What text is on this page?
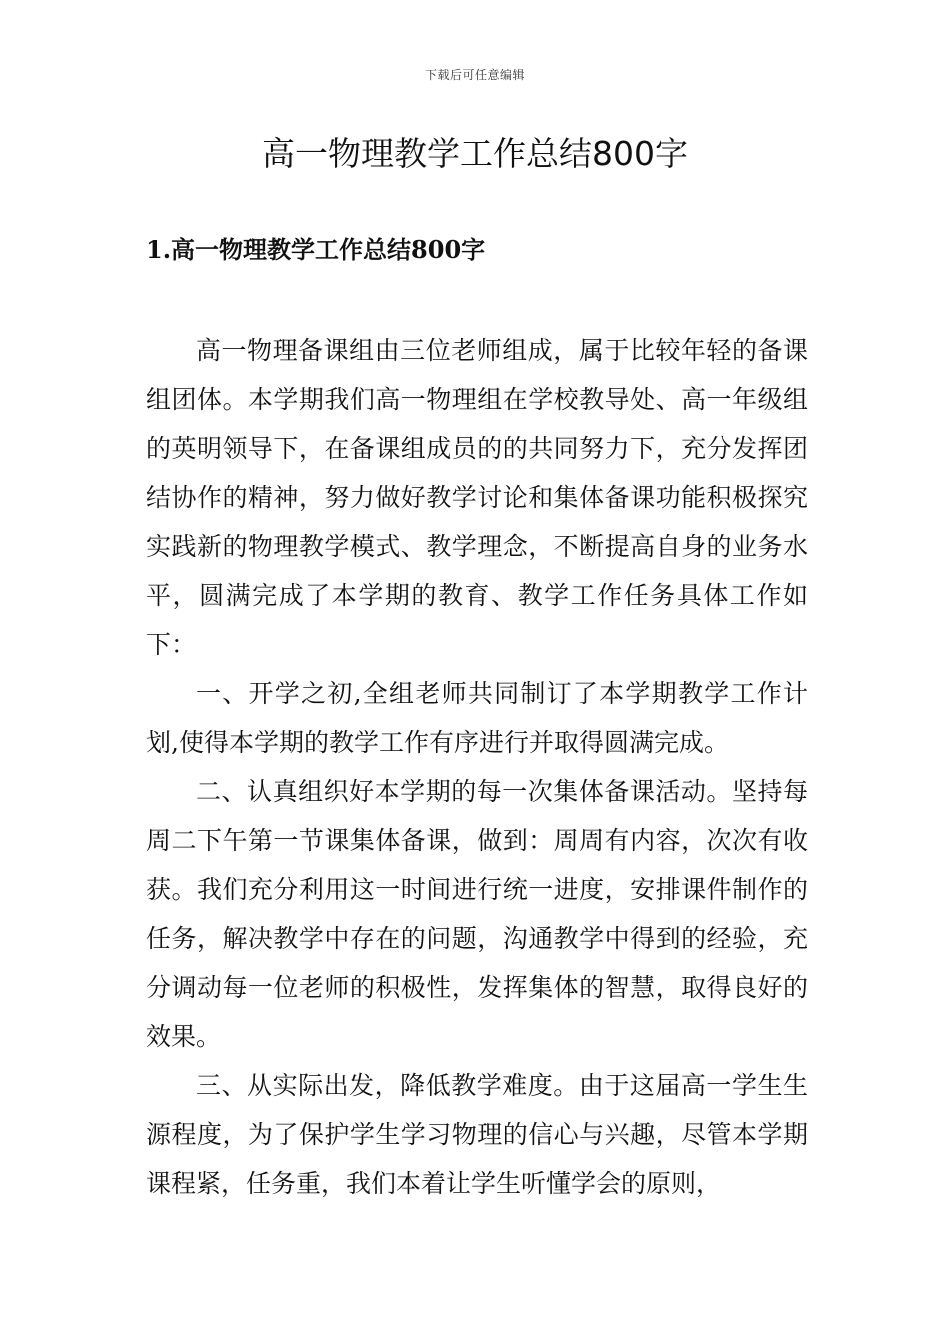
下载后可任意编辑
高一物理教学工作总结800字
1.高一物理教学工作总结800字

高一物理备课组由三位老师组成，属于比较年轻的备课组团体。本学期我们高一物理组在学校教导处、高一年级组的英明领导下，在备课组成员的的共同努力下，充分发挥团结协作的精神，努力做好教学讨论和集体备课功能积极探究实践新的物理教学模式、教学理念，不断提高自身的业务水平，圆满完成了本学期的教育、教学工作任务具体工作如下：

一、开学之初,全组老师共同制订了本学期教学工作计划,使得本学期的教学工作有序进行并取得圆满完成。

二、认真组织好本学期的每一次集体备课活动。坚持每周二下午第一节课集体备课，做到：周周有内容，次次有收获。我们充分利用这一时间进行统一进度，安排课件制作的任务，解决教学中存在的问题，沟通教学中得到的经验，充分调动每一位老师的积极性，发挥集体的智慧，取得良好的效果。

三、从实际出发，降低教学难度。由于这届高一学生生源程度，为了保护学生学习物理的信心与兴趣，尽管本学期课程紧，任务重，我们本着让学生听懂学会的原则，
